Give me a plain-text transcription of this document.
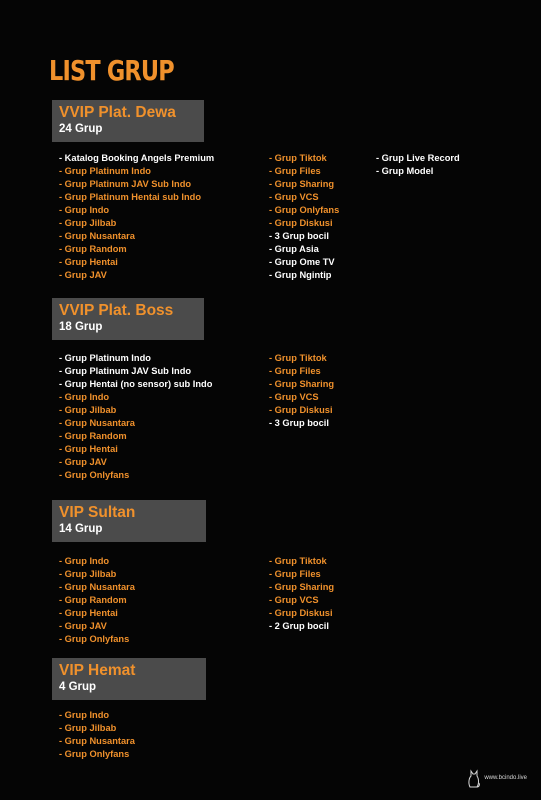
LIST GRUP
VVIP Plat. Dewa
24 Grup
- Katalog Booking Angels Premium
- Grup Platinum Indo
- Grup Platinum JAV Sub Indo
- Grup Platinum Hentai sub Indo
- Grup Indo
- Grup Jilbab
- Grup Nusantara
- Grup Random
- Grup Hentai
- Grup JAV
- Grup Tiktok
- Grup Files
- Grup Sharing
- Grup VCS
- Grup Onlyfans
- Grup Diskusi
- 3 Grup bocil
- Grup Asia
- Grup Ome TV
- Grup Ngintip
- Grup Live Record
- Grup Model
VVIP Plat. Boss
18 Grup
- Grup Platinum Indo
- Grup Platinum JAV Sub Indo
- Grup Hentai (no sensor) sub Indo
- Grup Indo
- Grup Jilbab
- Grup Nusantara
- Grup Random
- Grup Hentai
- Grup JAV
- Grup Onlyfans
- Grup Tiktok
- Grup Files
- Grup Sharing
- Grup VCS
- Grup Diskusi
- 3 Grup bocil
VIP Sultan
14 Grup
- Grup Indo
- Grup Jilbab
- Grup Nusantara
- Grup Random
- Grup Hentai
- Grup JAV
- Grup Onlyfans
- Grup Tiktok
- Grup Files
- Grup Sharing
- Grup VCS
- Grup Diskusi
- 2 Grup bocil
VIP Hemat
4 Grup
- Grup Indo
- Grup Jilbab
- Grup Nusantara
- Grup Onlyfans
www.bcindo.live
